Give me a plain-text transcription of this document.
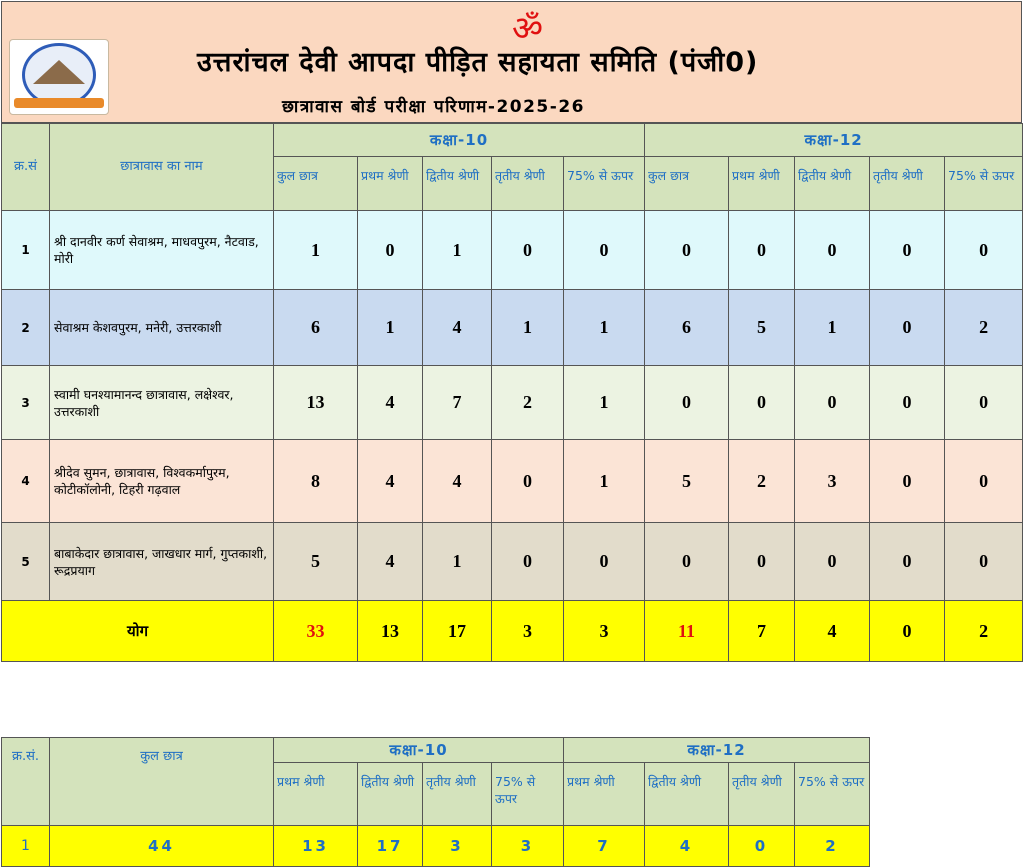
ॐ
उत्तरांचल देवी आपदा पीड़ित सहायता समिति (पंजी0)
छात्रावास बोर्ड परीक्षा परिणाम-2025-26
क्र.सं	छात्रावास का नाम	कक्षा-10					कक्षा-12				
		कुल छात्र	प्रथम श्रेणी	द्वितीय श्रेणी	तृतीय श्रेणी	75% से ऊपर	कुल छात्र	प्रथम श्रेणी	द्वितीय श्रेणी	तृतीय श्रेणी	75% से ऊपर
1	श्री दानवीर कर्ण सेवाश्रम, माधवपुरम, नैटवाड, मोरी	1	0	1	0	0	0	0	0	0	0
2	सेवाश्रम केशवपुरम, मनेरी, उत्तरकाशी	6	1	4	1	1	6	5	1	0	2
3	स्वामी घनश्यामानन्द छात्रावास, लक्षेश्वर, उत्तरकाशी	13	4	7	2	1	0	0	0	0	0
4	श्रीदेव सुमन, छात्रावास, विश्वकर्मापुरम, कोटीकॉलोनी, टिहरी गढ़वाल	8	4	4	0	1	5	2	3	0	0
5	बाबाकेदार छात्रावास, जाखधार मार्ग, गुप्तकाशी, रूद्रप्रयाग	5	4	1	0	0	0	0	0	0	0
योग		33	13	17	3	3	11	7	4	0	2
क्र.सं.	कुल छात्र	कक्षा-10				कक्षा-12			
		प्रथम श्रेणी	द्वितीय श्रेणी	तृतीय श्रेणी	75% से ऊपर	प्रथम श्रेणी	द्वितीय श्रेणी	तृतीय श्रेणी	75% से ऊपर
1	44	13	17	3	3	7	4	0	2
